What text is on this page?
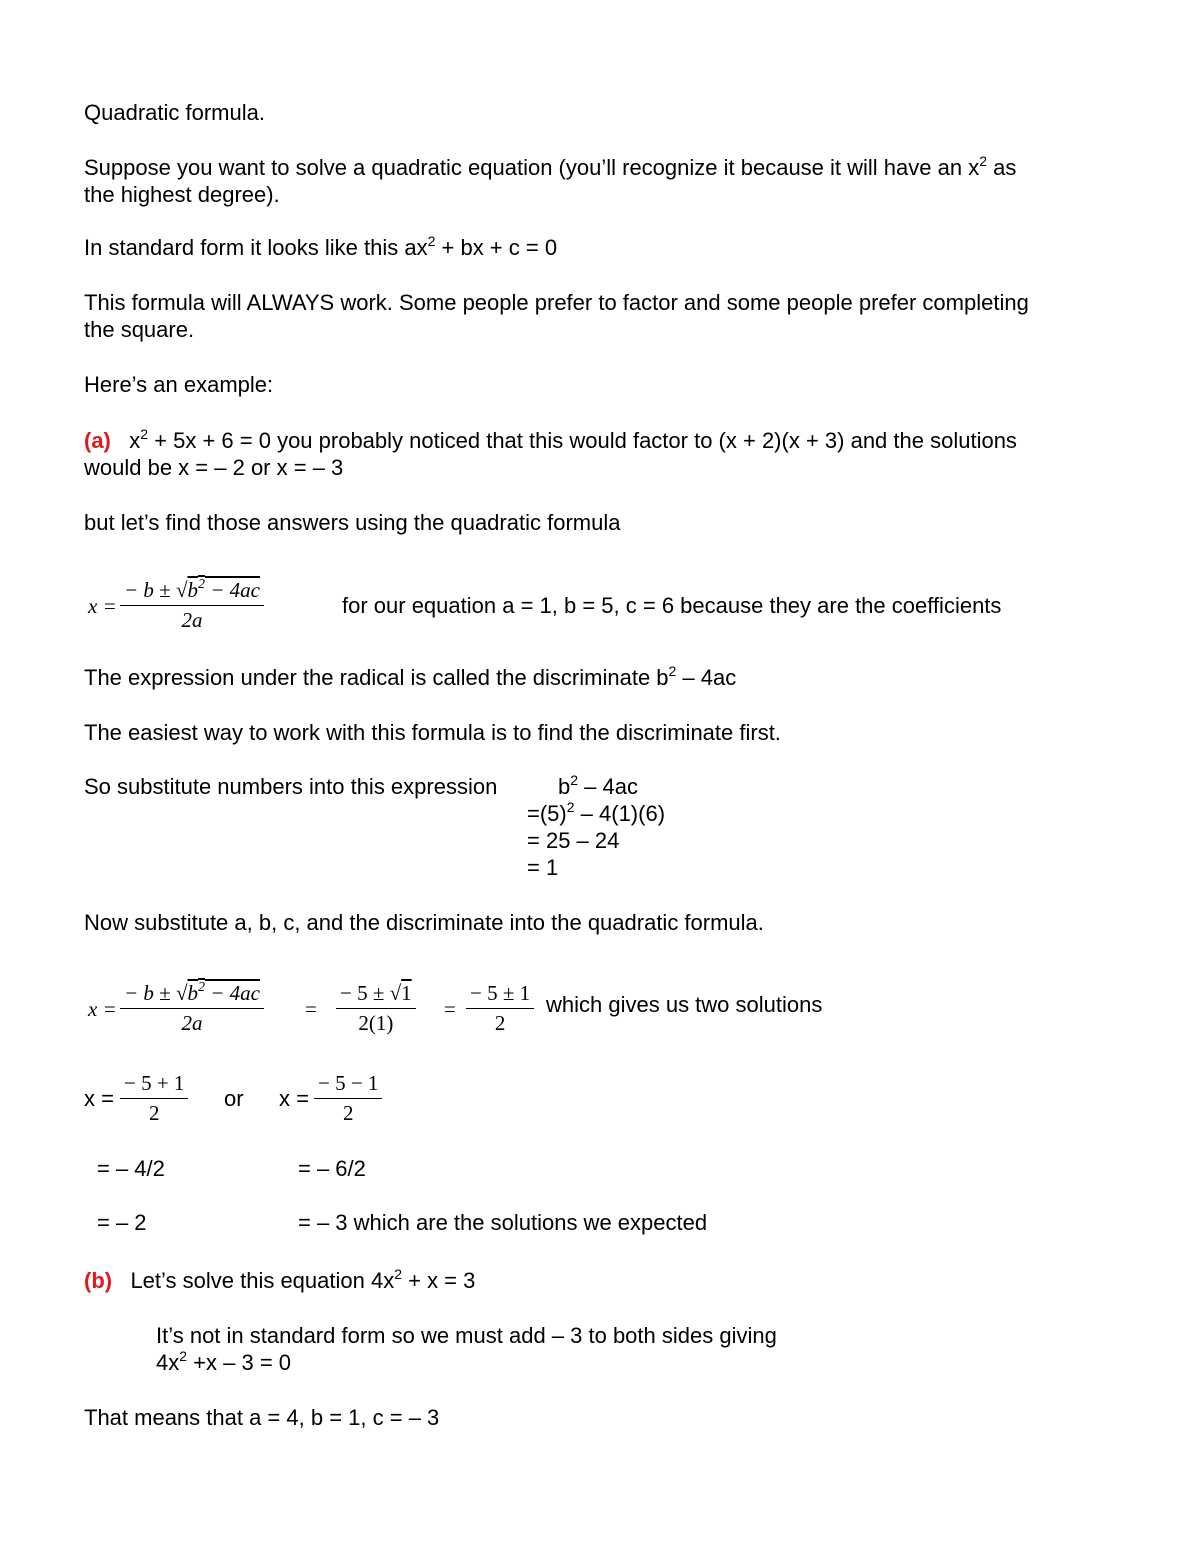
Quadratic formula.
Suppose you want to solve a quadratic equation (you’ll recognize it because it will have an $x^2$ as
the highest degree).
In standard form it looks like this $ax^2$ + bx + c = 0
This formula will ALWAYS work. Some people prefer to factor and some people prefer completing
the square.
Here’s an example:
(a) $x^2 + 5x + 6 = 0$ you probably noticed that this would factor to (x + 2)(x + 3) and the solutions
would be x = – 2 or x = – 3
but let’s find those answers using the quadratic formula
$x = \frac{- b \pm √b^2 - 4ac}{2a}$	for our equation a = 1, b = 5, c = 6 because they are the coefficients
The expression under the radical is called the discriminate $b^2 - 4ac$
The easiest way to work with this formula is to find the discriminate first.
So substitute numbers into this expression	$b^2 - 4ac$
$=(5)^2 - 4(1)(6)$
= 25 – 24
= 1
Now substitute a, b, c, and the discriminate into the quadratic formula.
$x = \frac{- b \pm √b^2 - 4ac}{2a} = \frac{- 5 \pm √1}{2(1)} = \frac{- 5 \pm 1}{2}$ which gives us two solutions
$x = \frac{- 5 + 1}{2}$ or $x = \frac{- 5 - 1}{2}$
= – 4/2	= – 6/2
= – 2	= – 3 which are the solutions we expected
(b) Let’s solve this equation $4x^2 + x = 3$
It’s not in standard form so we must add – 3 to both sides giving
$4x^2 +x - 3 = 0$
That means that a = 4, b = 1, c = – 3
